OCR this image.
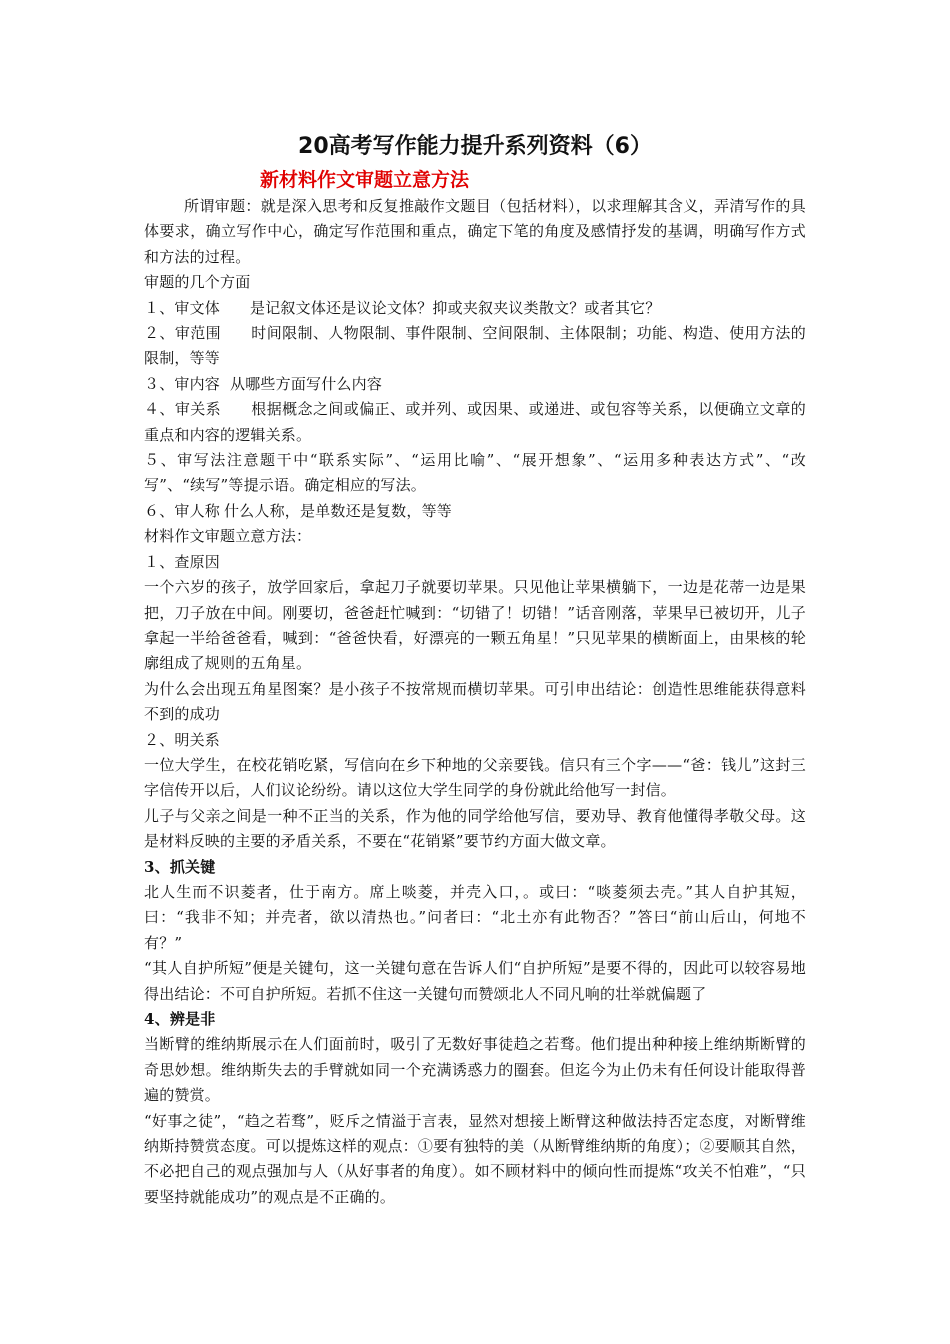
20高考写作能力提升系列资料（6）
新材料作文审题立意方法

所谓审题：就是深入思考和反复推敲作文题目（包括材料），以求理解其含义，弄清写作的具体要求，确立写作中心，确定写作范围和重点，确定下笔的角度及感情抒发的基调，明确写作方式和方法的过程。

审题的几个方面

１、审文体 是记叙文体还是议论文体？抑或夹叙夹议类散文？或者其它？

２、审范围 时间限制、人物限制、事件限制、空间限制、主体限制；功能、构造、使用方法的限制，等等

３、审内容 从哪些方面写什么内容

４、审关系 根据概念之间或偏正、或并列、或因果、或递进、或包容等关系，以便确立文章的重点和内容的逻辑关系。

５、审写法注意题干中“联系实际”、“运用比喻”、“展开想象”、“运用多种表达方式”、“改写”、“续写”等提示语。确定相应的写法。

６、审人称  什么人称，是单数还是复数，等等

材料作文审题立意方法：

１、查原因

一个六岁的孩子，放学回家后，拿起刀子就要切苹果。只见他让苹果横躺下，一边是花蒂一边是果把，刀子放在中间。刚要切，爸爸赶忙喊到：“切错了！切错！”话音刚落，苹果早已被切开，儿子拿起一半给爸爸看，喊到：“爸爸快看，好漂亮的一颗五角星！”只见苹果的横断面上，由果核的轮廓组成了规则的五角星。

为什么会出现五角星图案？是小孩子不按常规而横切苹果。可引申出结论：创造性思维能获得意料不到的成功

２、明关系

一位大学生，在校花销吃紧，写信向在乡下种地的父亲要钱。信只有三个字——“爸：钱儿”这封三字信传开以后，人们议论纷纷。请以这位大学生同学的身份就此给他写一封信。

儿子与父亲之间是一种不正当的关系，作为他的同学给他写信，要劝导、教育他懂得孝敬父母。这是材料反映的主要的矛盾关系，不要在“花销紧”要节约方面大做文章。

3、抓关键

北人生而不识菱者，仕于南方。席上啖菱，并壳入口，。或曰：“啖菱须去壳。”其人自护其短，曰：“我非不知；并壳者，欲以清热也。”问者曰：“北土亦有此物否？”答曰“前山后山，何地不有？”

“其人自护所短”便是关键句，这一关键句意在告诉人们“自护所短”是要不得的，因此可以较容易地得出结论：不可自护所短。若抓不住这一关键句而赞颂北人不同凡响的壮举就偏题了

4、辨是非

当断臂的维纳斯展示在人们面前时，吸引了无数好事徒趋之若骛。他们提出种种接上维纳斯断臂的奇思妙想。维纳斯失去的手臂就如同一个充满诱惑力的圈套。但迄今为止仍未有任何设计能取得普遍的赞赏。

“好事之徒”，“趋之若骛”，贬斥之情溢于言表，显然对想接上断臂这种做法持否定态度，对断臂维纳斯持赞赏态度。可以提炼这样的观点：①要有独特的美（从断臂维纳斯的角度）；②要顺其自然，不必把自己的观点强加与人（从好事者的角度）。如不顾材料中的倾向性而提炼“攻关不怕难”，“只要坚持就能成功”的观点是不正确的。
